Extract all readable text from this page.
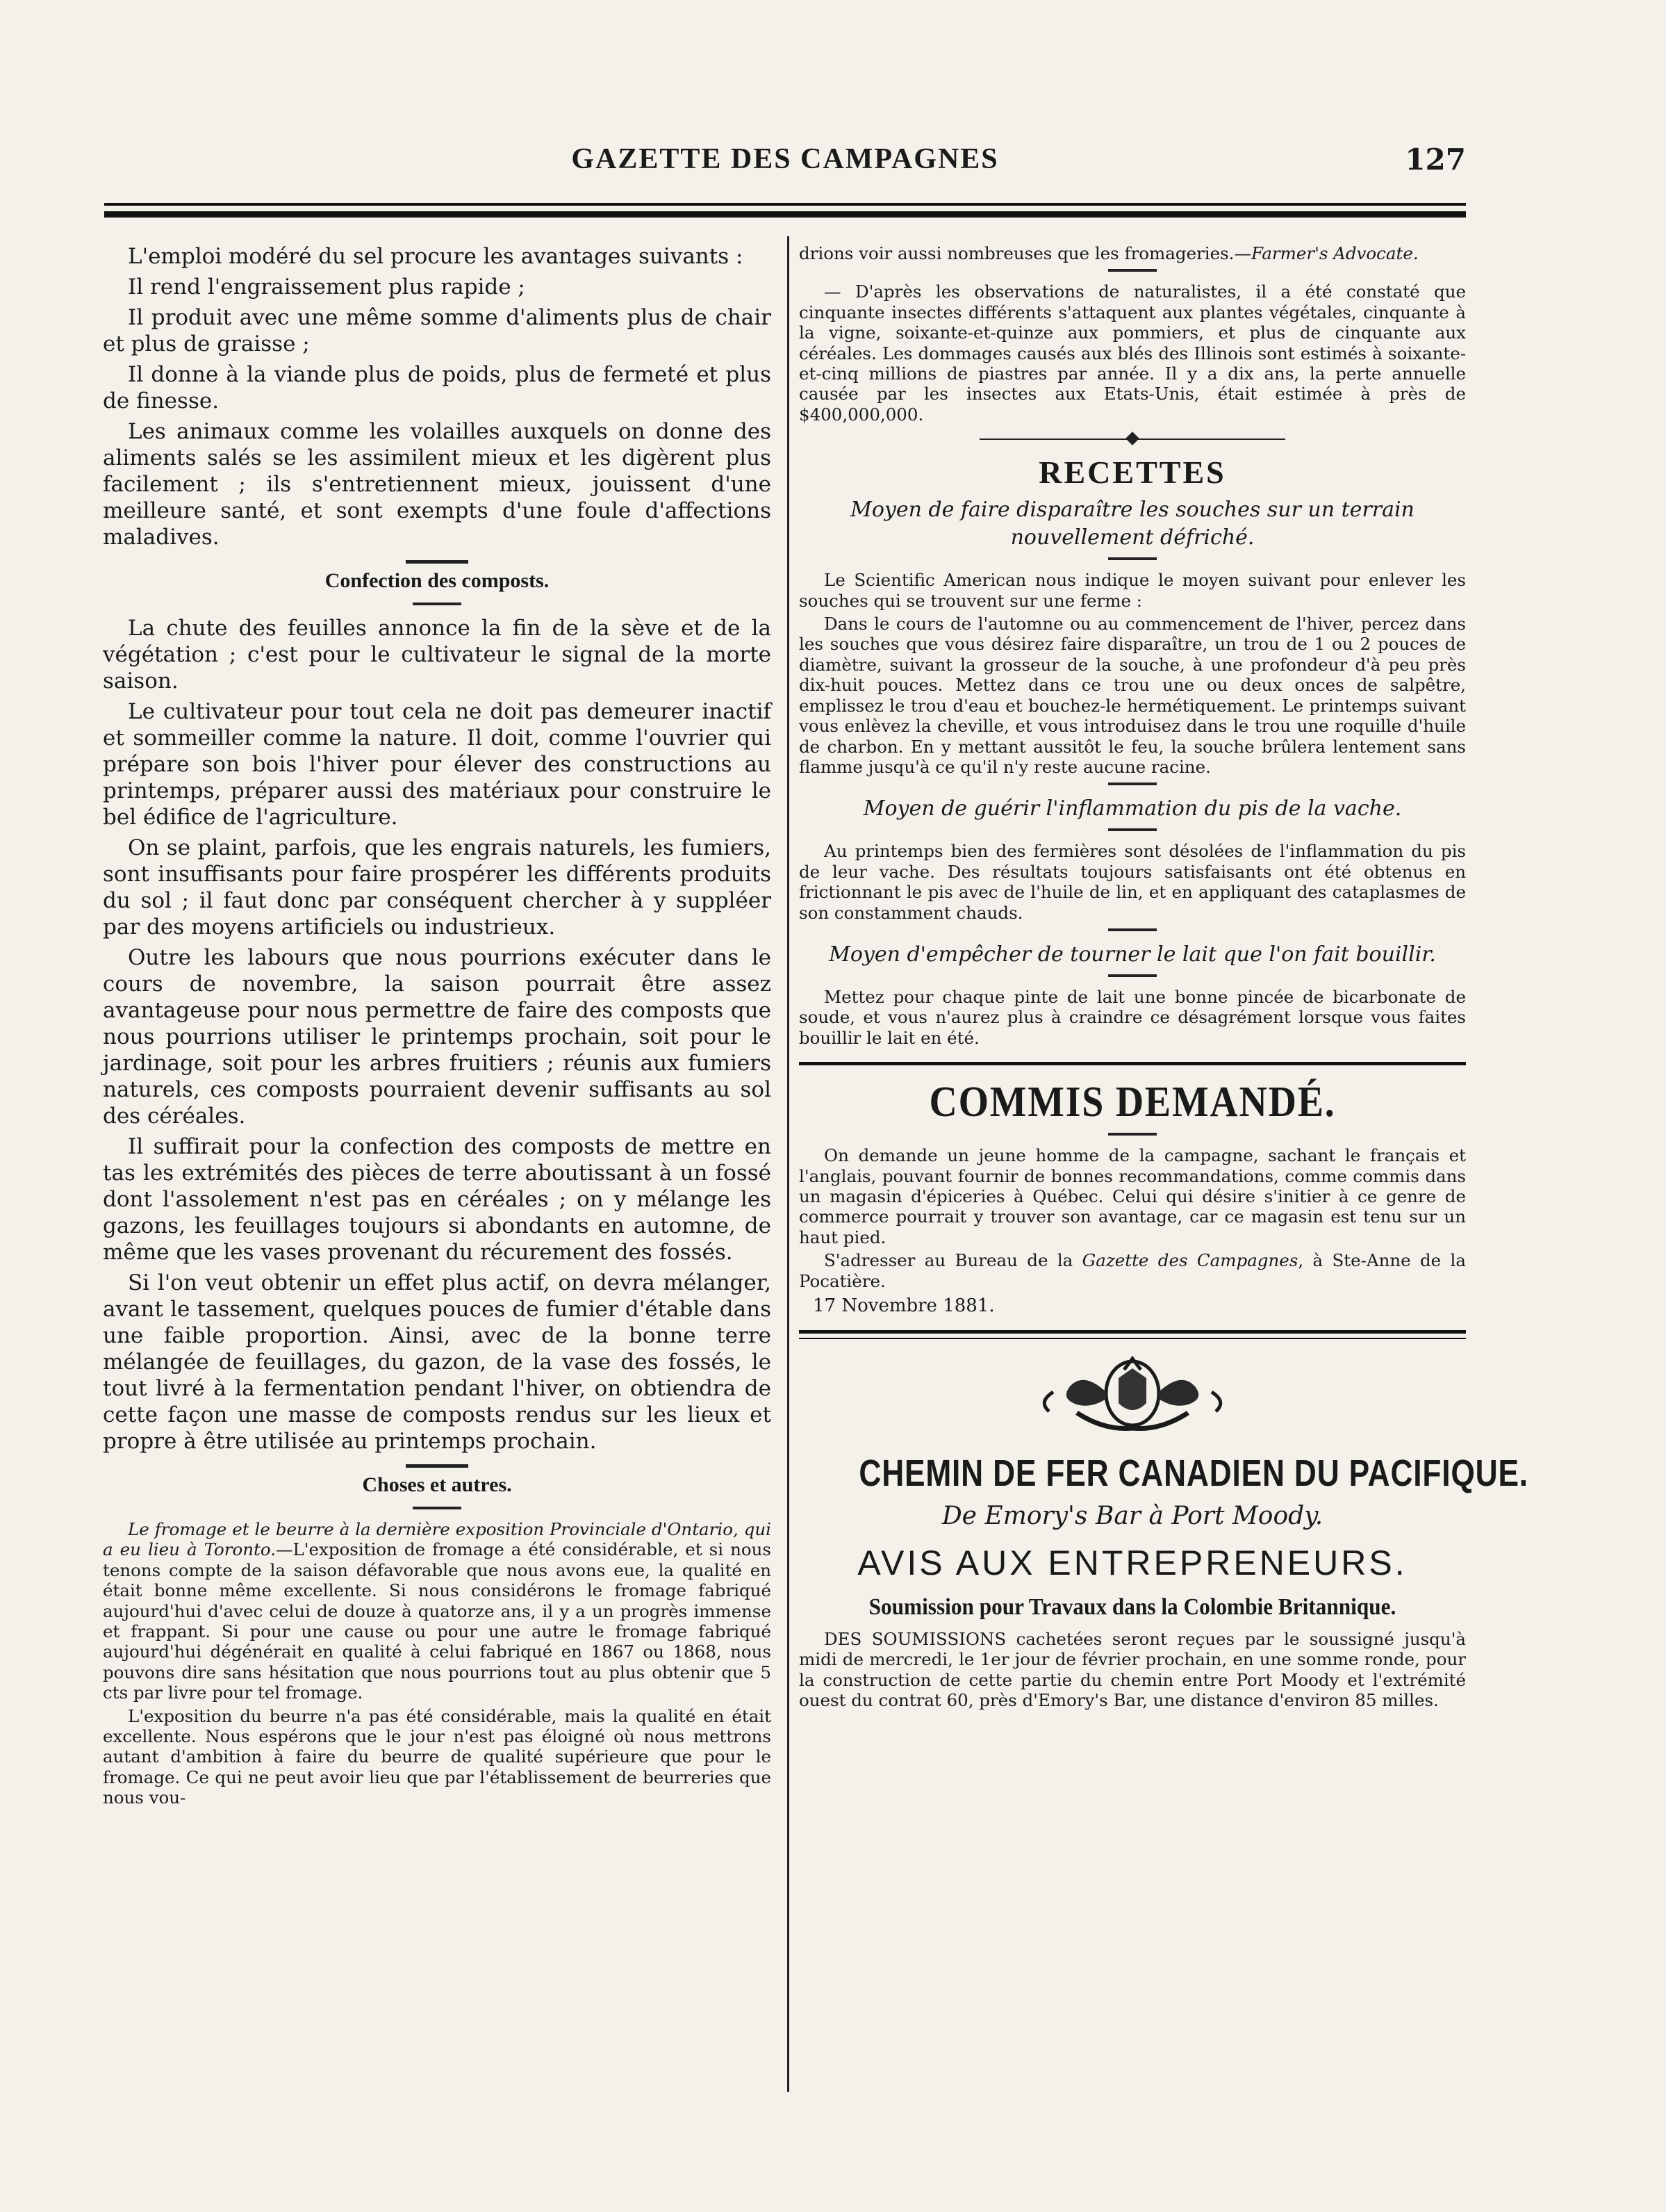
GAZETTE DES CAMPAGNES	127

L'emploi modéré du sel procure les avantages suivants :

Il rend l'engraissement plus rapide ;

Il produit avec une même somme d'aliments plus de chair et plus de graisse ;

Il donne à la viande plus de poids, plus de fermeté et plus de finesse.

Les animaux comme les volailles auxquels on donne des aliments salés se les assimilent mieux et les digèrent plus facilement ; ils s'entretiennent mieux, jouissent d'une meilleure santé, et sont exempts d'une foule d'affections maladives.

Confection des composts.

La chute des feuilles annonce la fin de la sève et de la végétation ; c'est pour le cultivateur le signal de la morte saison.

Le cultivateur pour tout cela ne doit pas demeurer inactif et sommeiller comme la nature. Il doit, comme l'ouvrier qui prépare son bois l'hiver pour élever des constructions au printemps, préparer aussi des matériaux pour construire le bel édifice de l'agriculture.

On se plaint, parfois, que les engrais naturels, les fumiers, sont insuffisants pour faire prospérer les différents produits du sol ; il faut donc par conséquent chercher à y suppléer par des moyens artificiels ou industrieux.

Outre les labours que nous pourrions exécuter dans le cours de novembre, la saison pourrait être assez avantageuse pour nous permettre de faire des composts que nous pourrions utiliser le printemps prochain, soit pour le jardinage, soit pour les arbres fruitiers ; réunis aux fumiers naturels, ces composts pourraient devenir suffisants au sol des céréales.

Il suffirait pour la confection des composts de mettre en tas les extrémités des pièces de terre aboutissant à un fossé dont l'assolement n'est pas en céréales ; on y mélange les gazons, les feuillages toujours si abondants en automne, de même que les vases provenant du récurement des fossés.

Si l'on veut obtenir un effet plus actif, on devra mélanger, avant le tassement, quelques pouces de fumier d'étable dans une faible proportion. Ainsi, avec de la bonne terre mélangée de feuillages, du gazon, de la vase des fossés, le tout livré à la fermentation pendant l'hiver, on obtiendra de cette façon une masse de composts rendus sur les lieux et propre à être utilisée au printemps prochain.

Choses et autres.

Le fromage et le beurre à la dernière exposition Provinciale d'Ontario, qui a eu lieu à Toronto.—L'exposition de fromage a été considérable, et si nous tenons compte de la saison défavorable que nous avons eue, la qualité en était bonne même excellente. Si nous considérons le fromage fabriqué aujourd'hui d'avec celui de douze à quatorze ans, il y a un progrès immense et frappant. Si pour une cause ou pour une autre le fromage fabriqué aujourd'hui dégénérait en qualité à celui fabriqué en 1867 ou 1868, nous pouvons dire sans hésitation que nous pourrions tout au plus obtenir que 5 cts par livre pour tel fromage.

L'exposition du beurre n'a pas été considérable, mais la qualité en était excellente. Nous espérons que le jour n'est pas éloigné où nous mettrons autant d'ambition à faire du beurre de qualité supérieure que pour le fromage. Ce qui ne peut avoir lieu que par l'établissement de beurreries que nous vou-

drions voir aussi nombreuses que les fromageries.—Farmer's Advocate.

— D'après les observations de naturalistes, il a été constaté que cinquante insectes différents s'attaquent aux plantes végétales, cinquante à la vigne, soixante-et-quinze aux pommiers, et plus de cinquante aux céréales. Les dommages causés aux blés des Illinois sont estimés à soixante-et-cinq millions de piastres par année. Il y a dix ans, la perte annuelle causée par les insectes aux Etats-Unis, était estimée à près de $400,000,000.

RECETTES
Moyen de faire disparaître les souches sur un terrain nouvellement défriché.

Le Scientific American nous indique le moyen suivant pour enlever les souches qui se trouvent sur une ferme :

Dans le cours de l'automne ou au commencement de l'hiver, percez dans les souches que vous désirez faire disparaître, un trou de 1 ou 2 pouces de diamètre, suivant la grosseur de la souche, à une profondeur d'à peu près dix-huit pouces. Mettez dans ce trou une ou deux onces de salpêtre, emplissez le trou d'eau et bouchez-le hermétiquement. Le printemps suivant vous enlèvez la cheville, et vous introduisez dans le trou une roquille d'huile de charbon. En y mettant aussitôt le feu, la souche brûlera lentement sans flamme jusqu'à ce qu'il n'y reste aucune racine.

Moyen de guérir l'inflammation du pis de la vache.

Au printemps bien des fermières sont désolées de l'inflammation du pis de leur vache. Des résultats toujours satisfaisants ont été obtenus en frictionnant le pis avec de l'huile de lin, et en appliquant des cataplasmes de son constamment chauds.

Moyen d'empêcher de tourner le lait que l'on fait bouillir.

Mettez pour chaque pinte de lait une bonne pincée de bicarbonate de soude, et vous n'aurez plus à craindre ce désagrément lorsque vous faites bouillir le lait en été.

COMMIS DEMANDÉ.

On demande un jeune homme de la campagne, sachant le français et l'anglais, pouvant fournir de bonnes recommandations, comme commis dans un magasin d'épiceries à Québec. Celui qui désire s'initier à ce genre de commerce pourrait y trouver son avantage, car ce magasin est tenu sur un haut pied.

S'adresser au Bureau de la Gazette des Campagnes, à Ste-Anne de la Pocatière.

17 Novembre 1881.
CHEMIN DE FER CANADIEN DU PACIFIQUE.
De Emory's Bar à Port Moody.
AVIS AUX ENTREPRENEURS.
Soumission pour Travaux dans la Colombie Britannique.

DES SOUMISSIONS cachetées seront reçues par le soussigné jusqu'à midi de mercredi, le 1er jour de février prochain, en une somme ronde, pour la construction de cette partie du chemin entre Port Moody et l'extrémité ouest du contrat 60, près d'Emory's Bar, une distance d'environ 85 milles.
